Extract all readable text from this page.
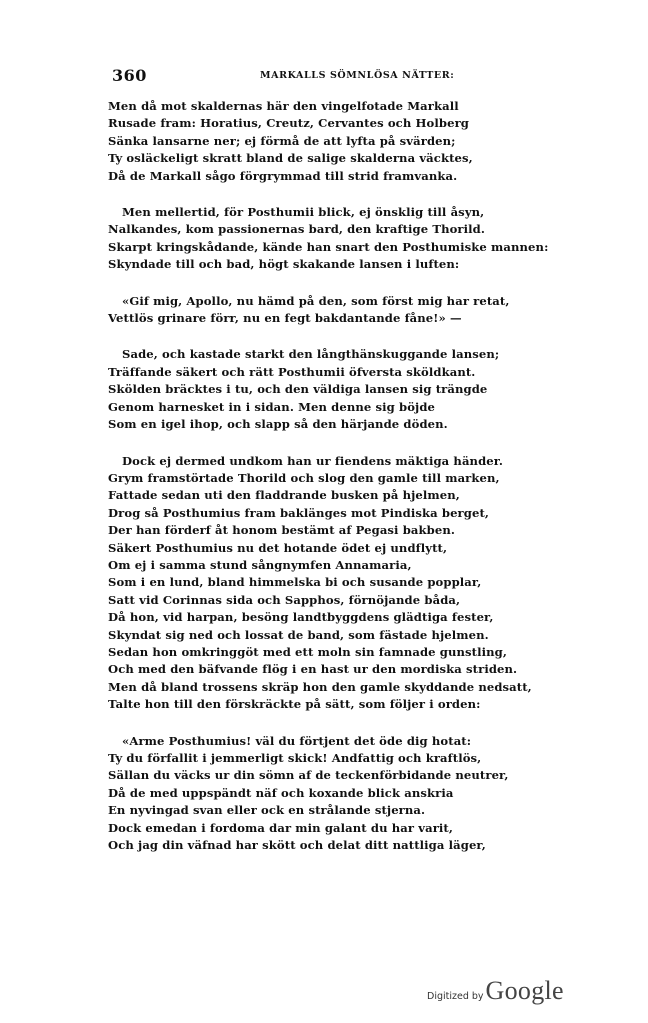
360	MARKALLS SÖMNLÖSA NÄTTER:

Men då mot skaldernas här den vingelfotade Markall
Rusade fram: Horatius, Creutz, Cervantes och Holberg
Sänka lansarne ner; ej förmå de att lyfta på svärden;
Ty osläckeligt skratt bland de salige skalderna väcktes,
Då de Markall sågo förgrymmad till strid framvanka.

Men mellertid, för Posthumii blick, ej önsklig till åsyn,
Nalkandes, kom passionernas bard, den kraftige Thorild.
Skarpt kringskådande, kände han snart den Posthumiske mannen:
Skyndade till och bad, högt skakande lansen i luften:

«Gif mig, Apollo, nu hämd på den, som först mig har retat,
Vettlös grinare förr, nu en fegt bakdantande fåne!» —

Sade, och kastade starkt den långthänskuggande lansen;
Träffande säkert och rätt Posthumii öfversta sköldkant.
Skölden bräcktes i tu, och den väldiga lansen sig trängde
Genom harnesket in i sidan. Men denne sig böjde
Som en igel ihop, och slapp så den härjande döden.

Dock ej dermed undkom han ur fiendens mäktiga händer.
Grym framstörtade Thorild och slog den gamle till marken,
Fattade sedan uti den fladdrande busken på hjelmen,
Drog så Posthumius fram baklänges mot Pindiska berget,
Der han förderf åt honom bestämt af Pegasi bakben.
Säkert Posthumius nu det hotande ödet ej undflytt,
Om ej i samma stund sångnymfen Annamaria,
Som i en lund, bland himmelska bi och susande popplar,
Satt vid Corinnas sida och Sapphos, förnöjande båda,
Då hon, vid harpan, besöng landtbyggdens glädtiga fester,
Skyndat sig ned och lossat de band, som fästade hjelmen.
Sedan hon omkringgöt med ett moln sin famnade gunstling,
Och med den bäfvande flög i en hast ur den mordiska striden.
Men då bland trossens skräp hon den gamle skyddande nedsatt,
Talte hon till den förskräckte på sätt, som följer i orden:

«Arme Posthumius! väl du förtjent det öde dig hotat:
Ty du förfallit i jemmerligt skick! Andfattig och kraftlös,
Sällan du väcks ur din sömn af de teckenförbidande neutrer,
Då de med uppspändt näf och koxande blick anskria
En nyvingad svan eller ock en strålande stjerna.
Dock emedan i fordoma dar min galant du har varit,
Och jag din väfnad har skött och delat ditt nattliga läger,

Digitized by Google
